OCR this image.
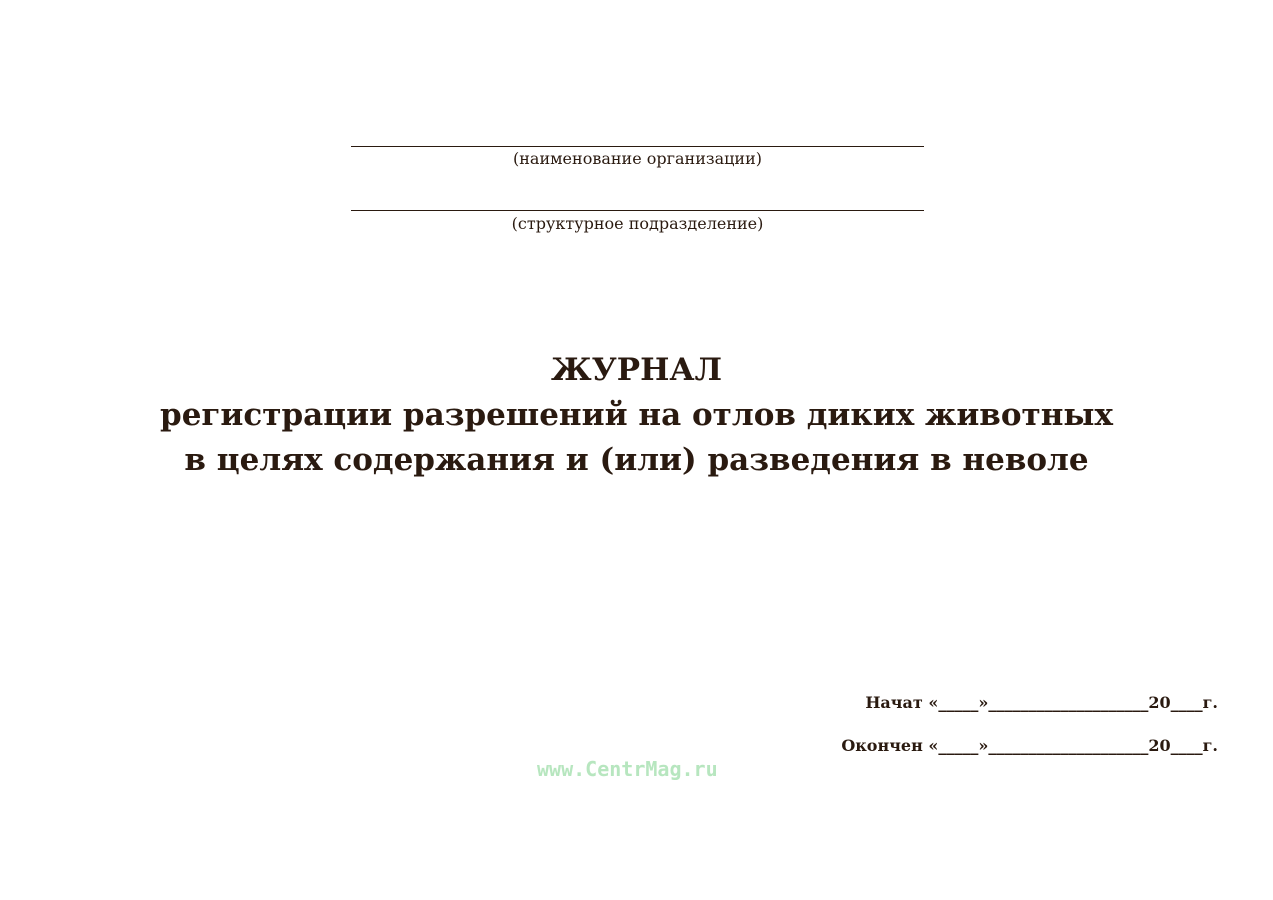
(наименование организации)
(структурное подразделение)
ЖУРНАЛ
регистрации разрешений на отлов диких животных
в целях содержания и (или) разведения в неволе
Начат «_____»____________________20____г.
Окончен «_____»____________________20____г.
www.CentrMag.ru
